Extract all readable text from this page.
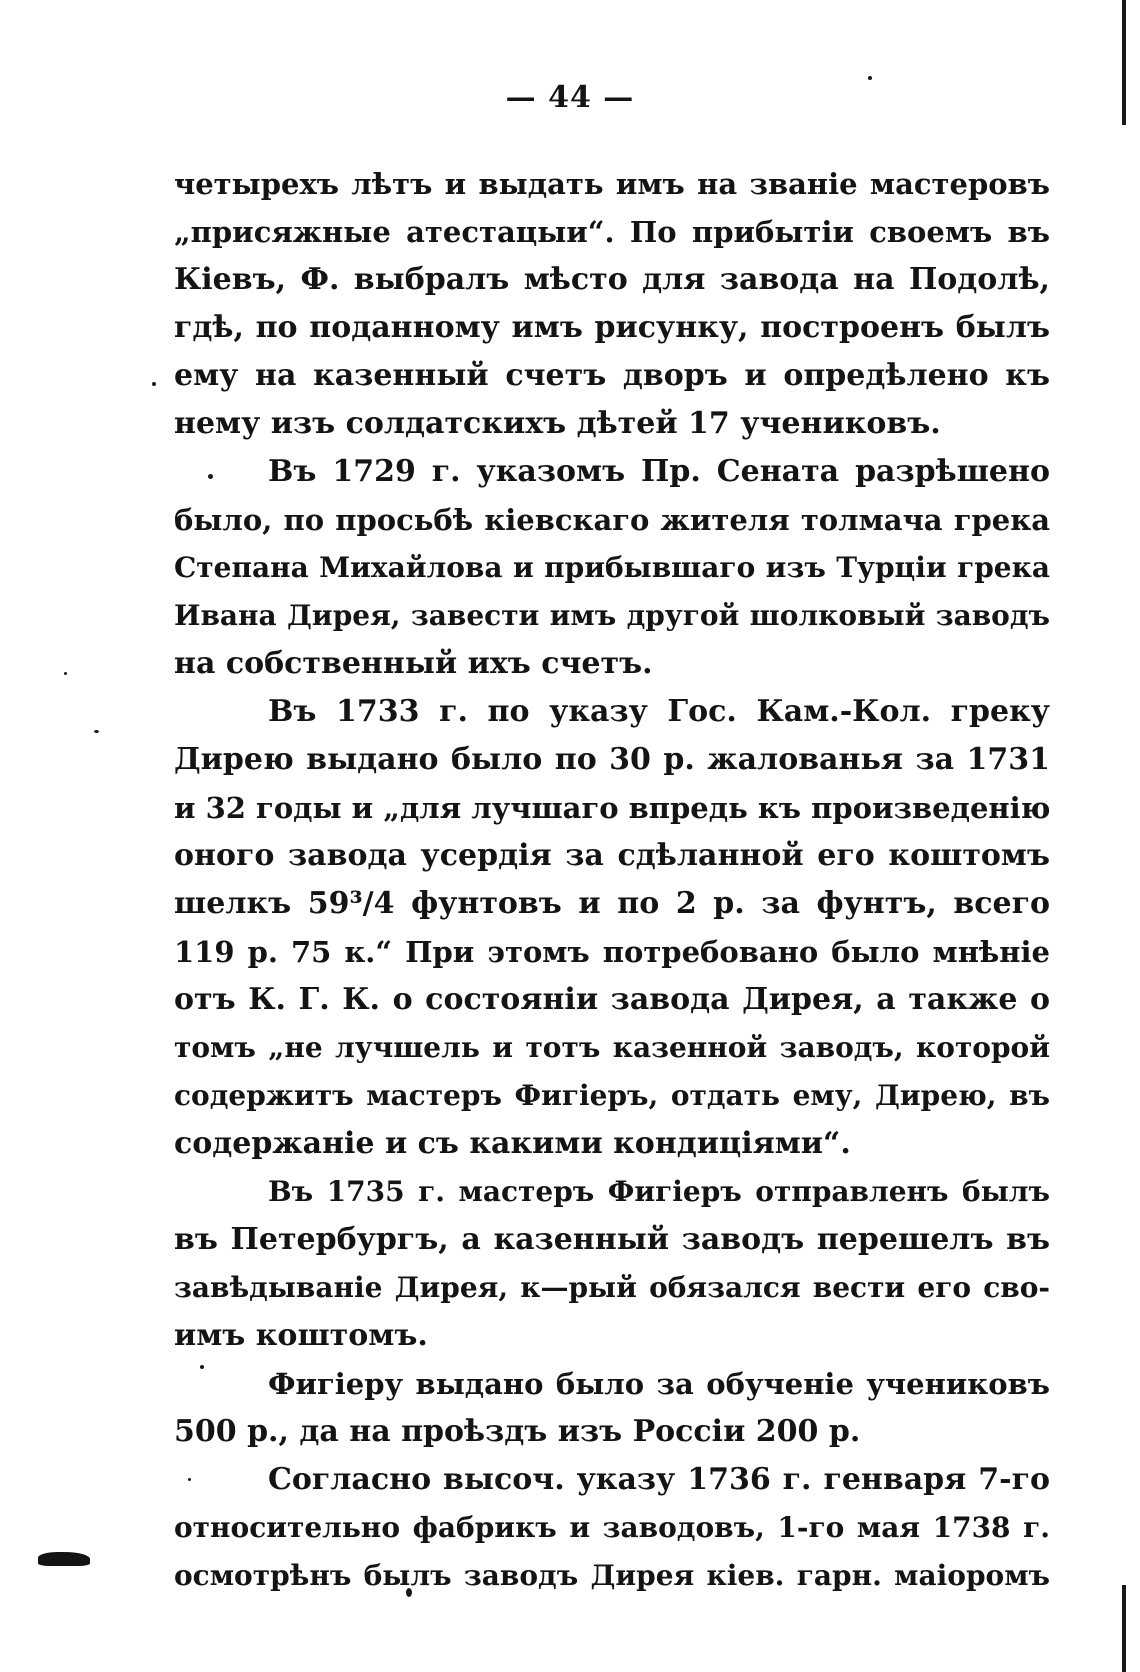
— 44 —
четырехъ лѣтъ и выдать имъ на званіе мастеровъ
„присяжные атестацыи“. По прибытіи своемъ въ
Кіевъ, Ф. выбралъ мѣсто для завода на Подолѣ,
гдѣ, по поданному имъ рисунку, построенъ былъ
ему на казенный счетъ дворъ и опредѣлено къ
нему изъ солдатскихъ дѣтей 17 учениковъ.
Въ 1729 г. указомъ Пр. Сената разрѣшено
было, по просьбѣ кіевскаго жителя толмача грека
Степана Михайлова и прибывшаго изъ Турціи грека
Ивана Дирея, завести имъ другой шолковый заводъ
на собственный ихъ счетъ.
Въ 1733 г. по указу Гос. Кам.-Кол. греку
Дирею выдано было по 30 р. жалованья за 1731
и 32 годы и „для лучшаго впредь къ произведенію
оного завода усердія за сдѣланной его коштомъ
шелкъ 59³/4 фунтовъ и по 2 р. за фунтъ, всего
119 р. 75 к.“ При этомъ потребовано было мнѣніе
отъ К. Г. К. о состояніи завода Дирея, а также о
томъ „не лучшель и тотъ казенной заводъ, которой
содержитъ мастеръ Фигіеръ, отдать ему, Дирею, въ
содержаніе и съ какими кондиціями“.
Въ 1735 г. мастеръ Фигіеръ отправленъ былъ
въ Петербургъ, а казенный заводъ перешелъ въ
завѣдываніе Дирея, к—рый обязался вести его сво-
имъ коштомъ.
Фигіеру выдано было за обученіе учениковъ
500 р., да на проѣздъ изъ Россіи 200 р.
Согласно высоч. указу 1736 г. генваря 7-го
относительно фабрикъ и заводовъ, 1-го мая 1738 г.
осмотрѣнъ былъ заводъ Дирея кіев. гарн. маіоромъ
